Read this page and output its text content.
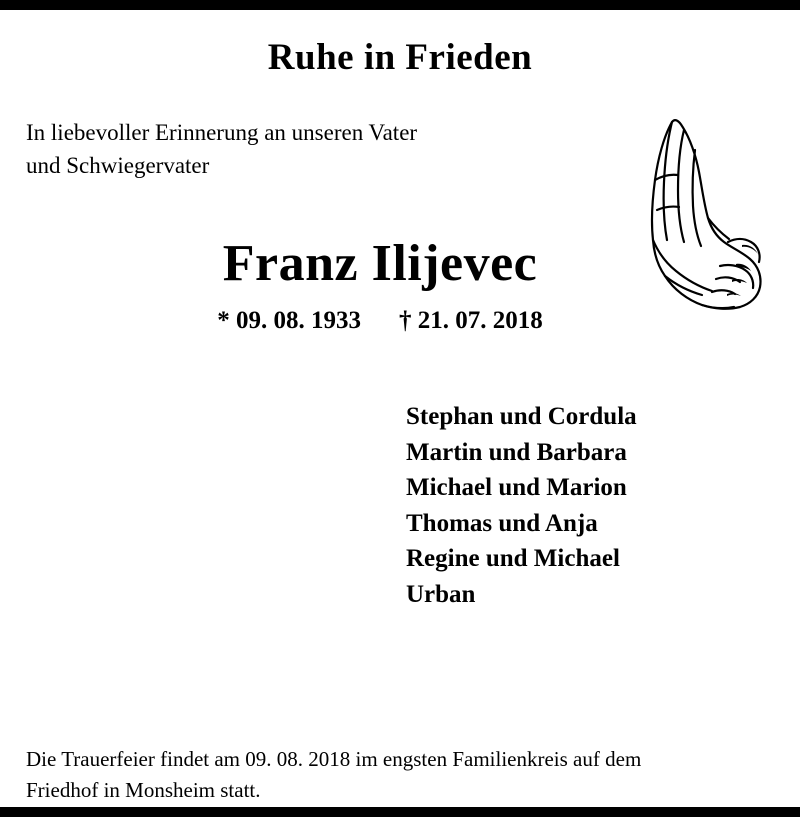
Ruhe in Frieden
In liebevoller Erinnerung an unseren Vater
und Schwiegervater
Franz Ilijevec
* 09. 08. 1933 † 21. 07. 2018
Stephan und Cordula
Martin und Barbara
Michael und Marion
Thomas und Anja
Regine und Michael
Urban
Die Trauerfeier findet am 09. 08. 2018 im engsten Familienkreis auf dem
Friedhof in Monsheim statt.
